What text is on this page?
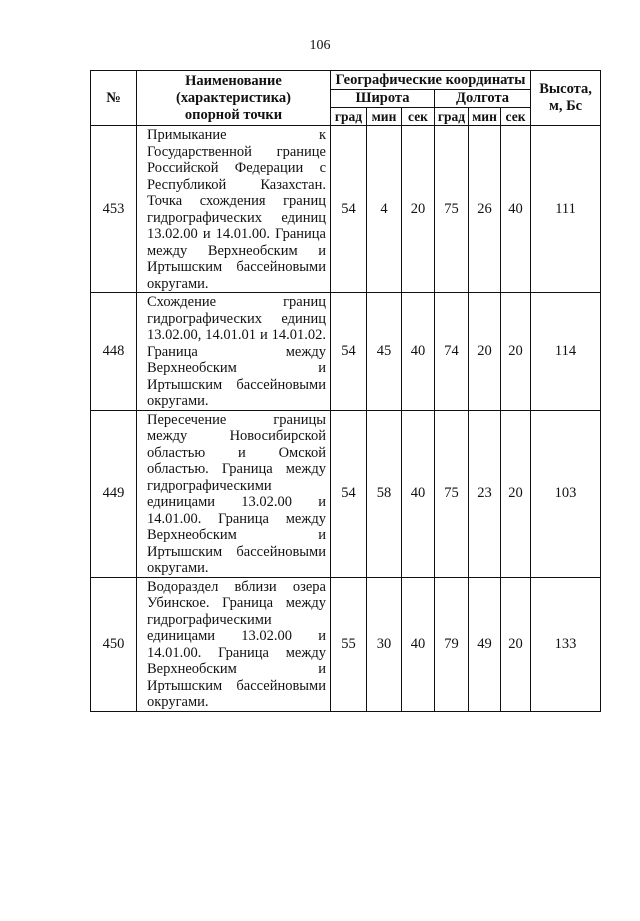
106
№	Наименование
(характеристика)
опорной точки	Географические координаты						Высота,
м, Бс
		Широта			Долгота			
		град	мин	сек	град	мин	сек	
453	Примыкание к Государственной границе Российской Федерации с Республикой Казахстан. Точка схождения границ гидрографических единиц 13.02.00 и 14.01.00. Граница между Верхнеобским и Иртышским бассейновыми округами.	54	4	20	75	26	40	111
448	Схождение границ гидрографических единиц 13.02.00, 14.01.01 и 14.01.02. Граница между Верхнеобским и Иртышским бассейновыми округами.	54	45	40	74	20	20	114
449	Пересечение границы между Новосибирской областью и Омской областью. Граница между гидрографическими единицами 13.02.00 и 14.01.00. Граница между Верхнеобским и Иртышским бассейновыми округами.	54	58	40	75	23	20	103
450	Водораздел вблизи озера Убинское. Граница между гидрографическими единицами 13.02.00 и 14.01.00. Граница между Верхнеобским и Иртышским бассейновыми округами.	55	30	40	79	49	20	133
